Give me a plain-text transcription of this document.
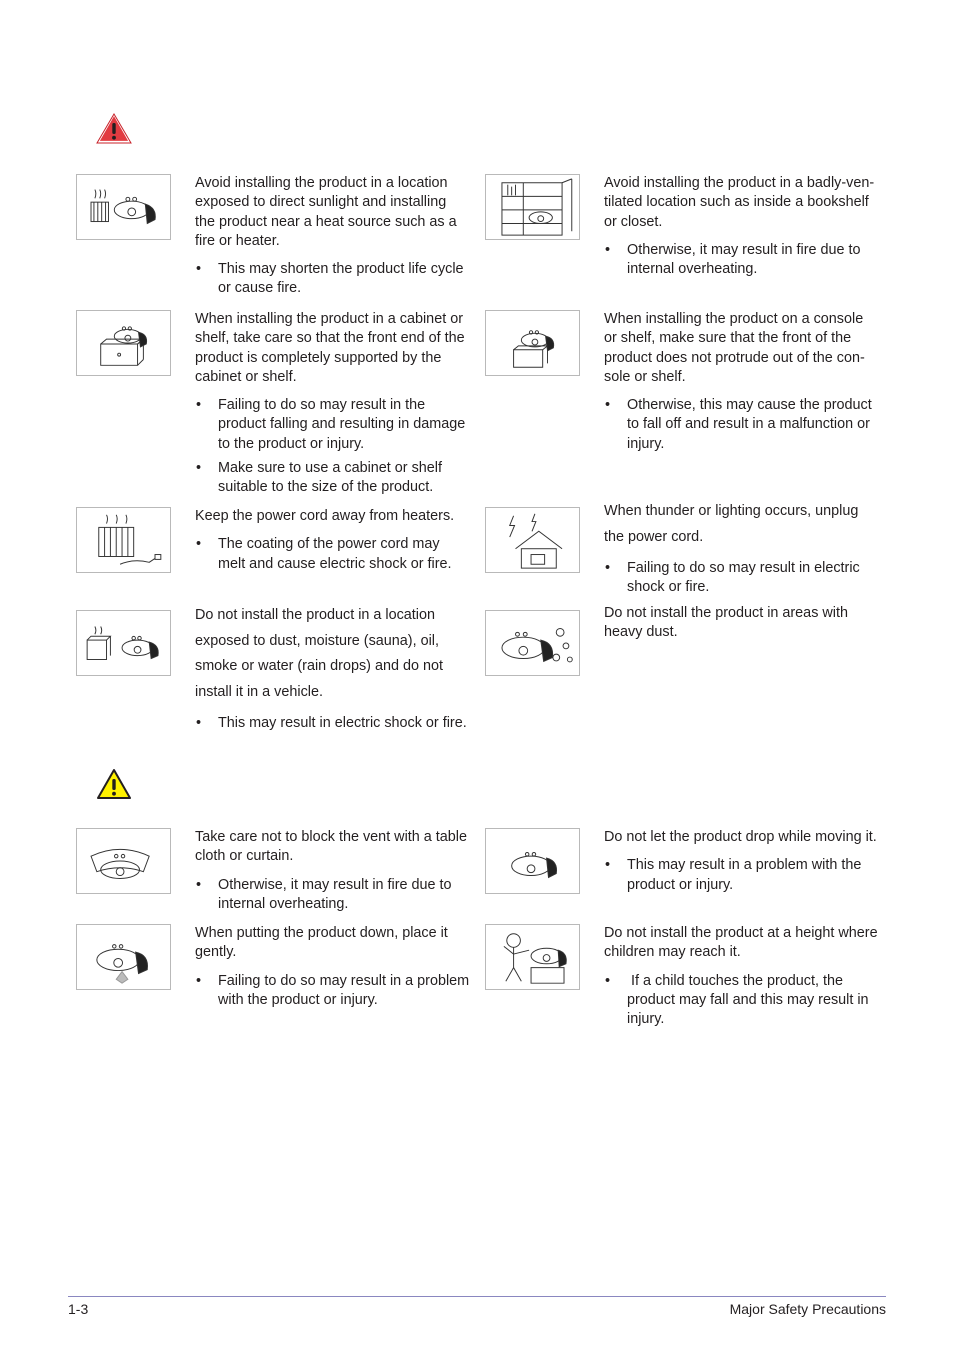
Avoid installing the product in a location exposed to direct sunlight and installing the product near a heat source such as a fire or heater.

• This may shorten the product life cycle or cause fire.

When installing the product in a cabinet or shelf, take care so that the front end of the product is completely supported by the cabinet or shelf.

• Failing to do so may result in the product falling and resulting in damage to the product or injury.
• Make sure to use a cabinet or shelf suitable to the size of the product.

Keep the power cord away from heaters.

• The coating of the power cord may melt and cause electric shock or fire.

Do not install the product in a location exposed to dust, moisture (sauna), oil, smoke or water (rain drops) and do not install it in a vehicle.

• This may result in electric shock or fire.

Avoid installing the product in a badly-ven-tilated location such as inside a bookshelf or closet.

• Otherwise, it may result in fire due to internal overheating.

When installing the product on a console or shelf, make sure that the front of the product does not protrude out of the con-sole or shelf.

• Otherwise, this may cause the product to fall off and result in a malfunction or injury.

When thunder or lighting occurs, unplug the power cord.

• Failing to do so may result in electric shock or fire.

Do not install the product in areas with heavy dust.

Take care not to block the vent with a table cloth or curtain.

• Otherwise, it may result in fire due to internal overheating.

When putting the product down, place it gently.

• Failing to do so may result in a problem with the product or injury.

Do not let the product drop while moving it.

• This may result in a problem with the product or injury.

Do not install the product at a height where children may reach it.

•  If a child touches the product, the product may fall and this may result in injury.
1-3	Major Safety Precautions
